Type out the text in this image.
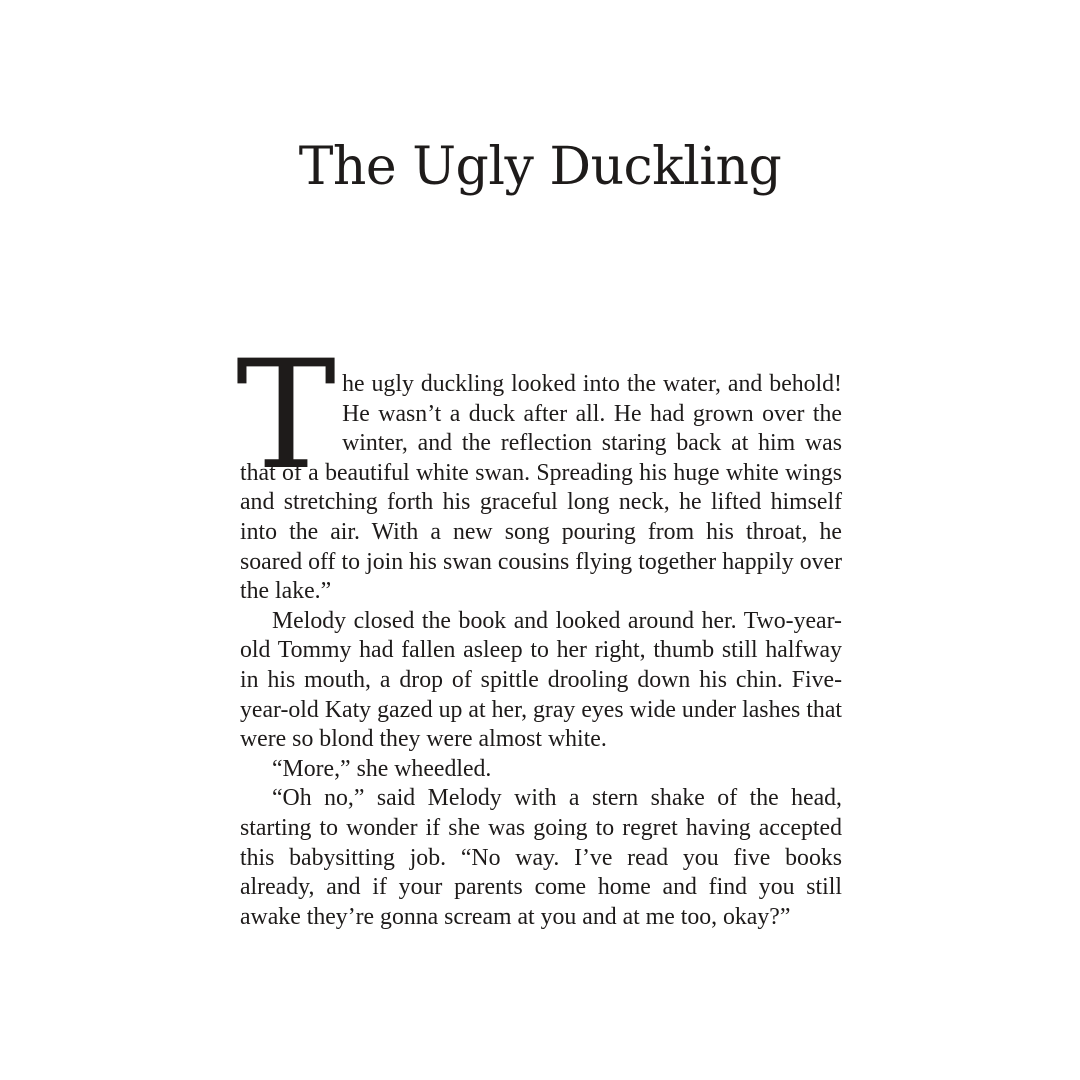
The Ugly Duckling

The ugly duckling looked into the water, and behold! He wasn’t a duck after all. He had grown over the winter, and the reflection staring back at him was that of a beautiful white swan. Spreading his huge white wings and stretching forth his graceful long neck, he lifted himself into the air. With a new song pouring from his throat, he soared off to join his swan cousins flying together happily over the lake.”

Melody closed the book and looked around her. Two-year-old Tommy had fallen asleep to her right, thumb still halfway in his mouth, a drop of spittle drooling down his chin. Five-year-old Katy gazed up at her, gray eyes wide under lashes that were so blond they were almost white.

“More,” she wheedled.

“Oh no,” said Melody with a stern shake of the head, starting to wonder if she was going to regret having accepted this babysitting job. “No way. I’ve read you five books already, and if your parents come home and find you still awake they’re gonna scream at you and at me too, okay?”
